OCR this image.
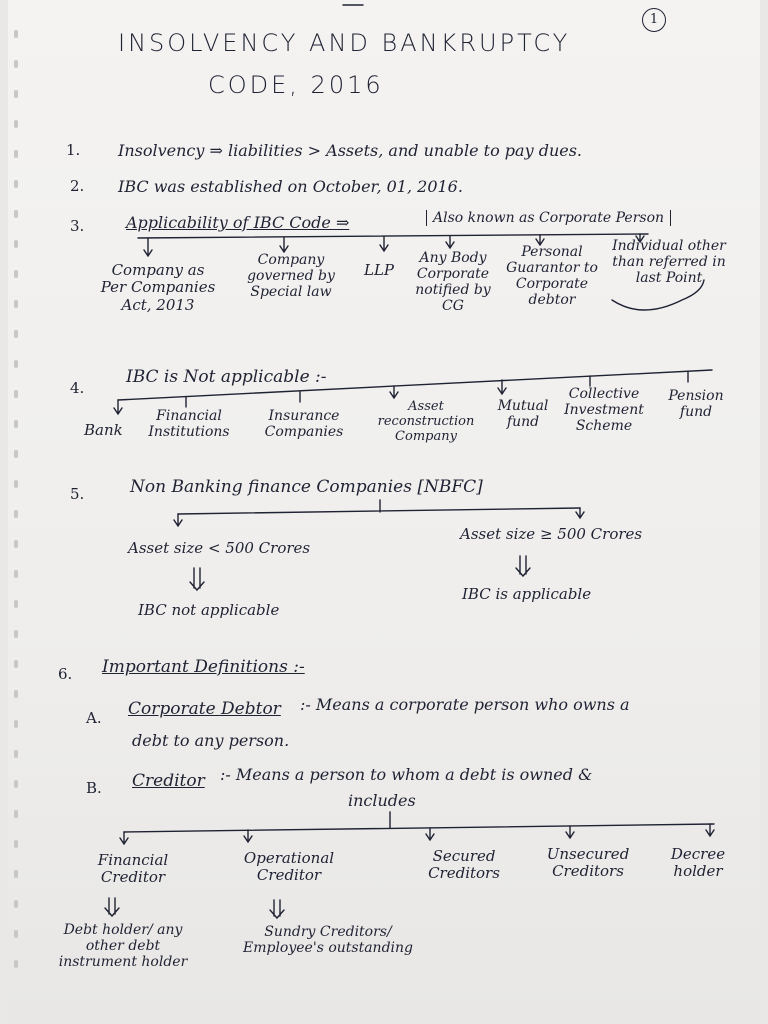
1
INSOLVENCY AND BANKRUPTCY
CODE, 2016
1. Insolvency ⇒ liabilities > Assets, and unable to pay dues.
2. IBC was established on October, 01, 2016.
3.	Applicability of IBC Code ⇒	Also known as Corporate Person
Company as Per Companies Act, 2013
Company governed by Special law
LLP
Any Body Corporate notified by CG
Personal Guarantor to Corporate debtor
Individual other than referred in last Point
4.
IBC is Not applicable :-
Bank
Financial Institutions
Insurance Companies
Asset reconstruction Company
Mutual fund
Collective Investment Scheme
Pension fund
5.	Non Banking finance Companies [NBFC]
Asset size < 500 Crores
IBC not applicable
Asset size ≥ 500 Crores
IBC is applicable
6. Important Definitions :-
A. Corporate Debtor :- Means a corporate person who owns a
debt to any person.
B. Creditor :- Means a person to whom a debt is owned &
includes
Financial Creditor
Debt holder/ any other debt instrument holder
Operational Creditor
Sundry Creditors/ Employee's outstanding
Secured Creditors
Unsecured Creditors
Decree holder
